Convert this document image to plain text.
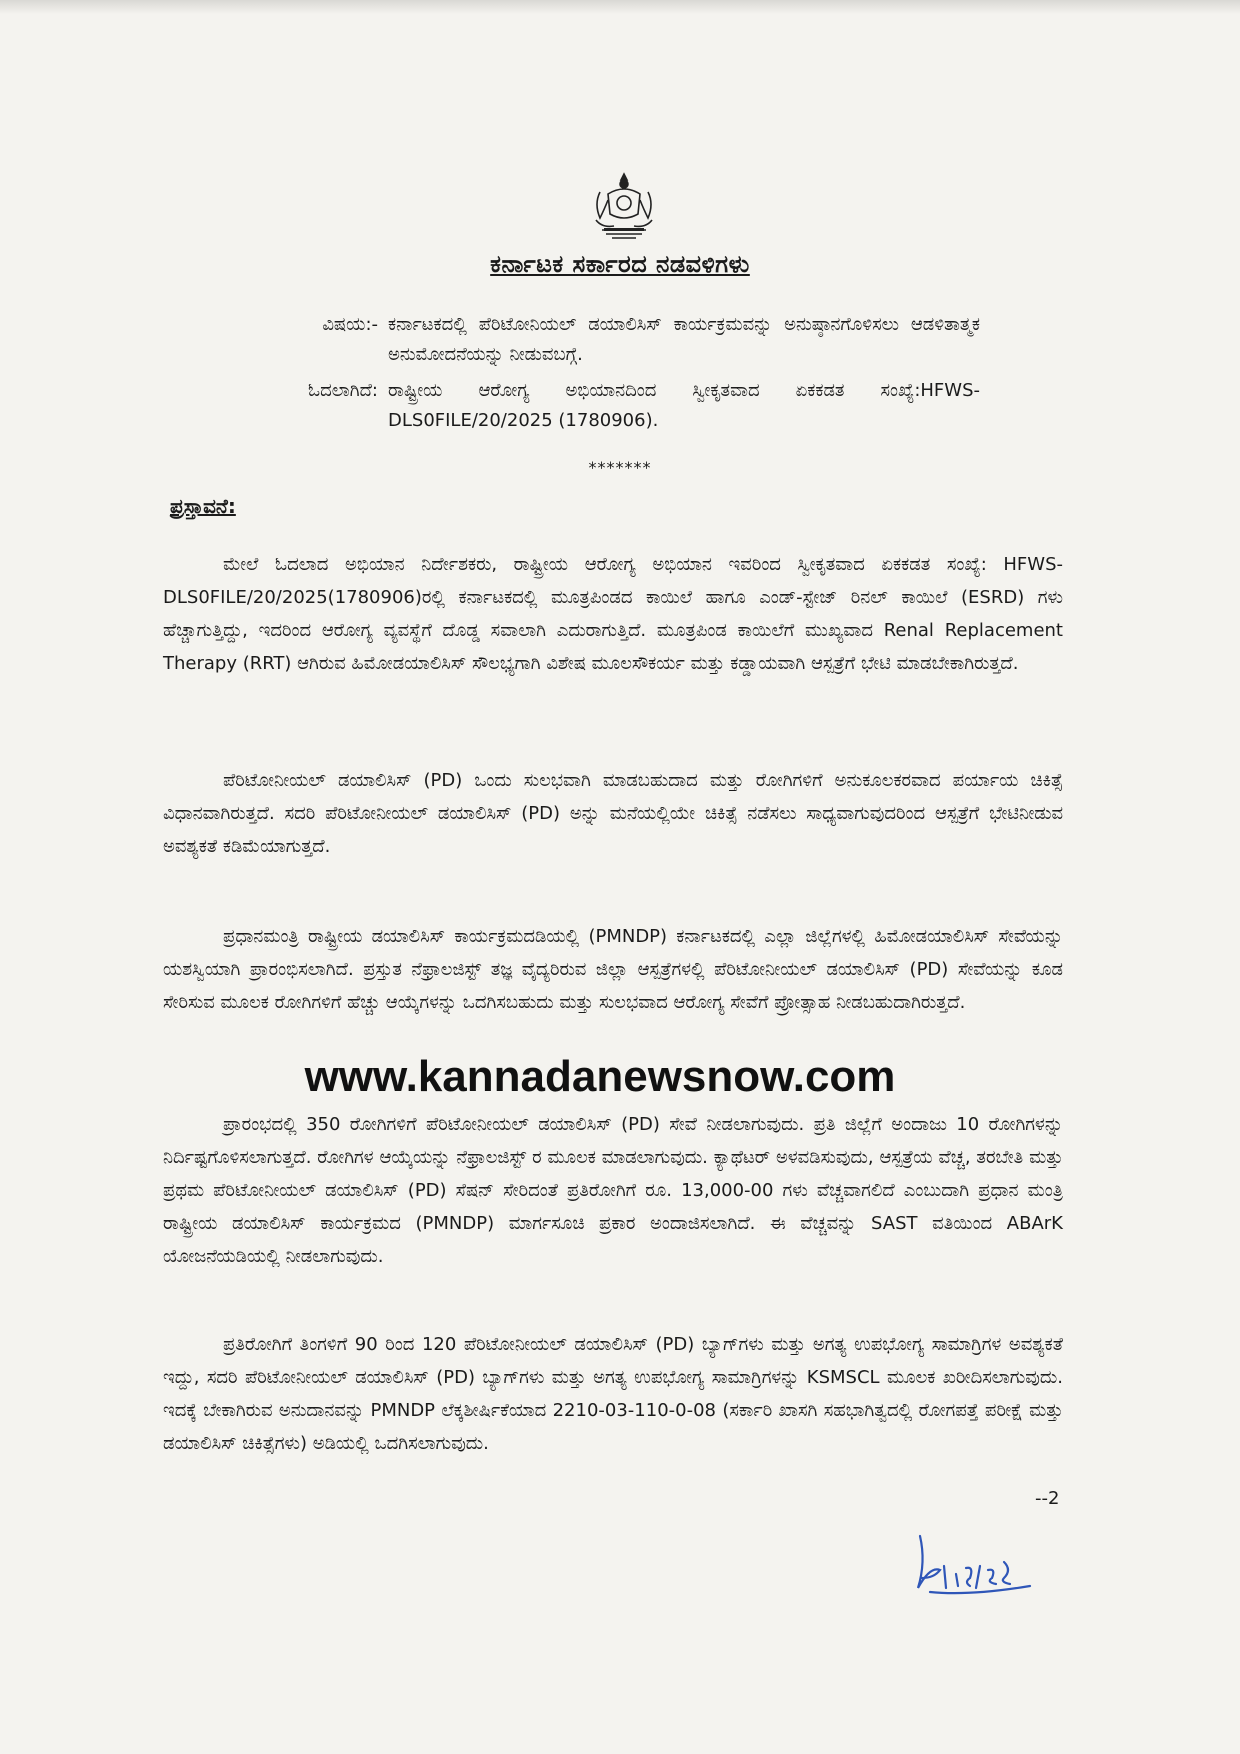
ಕರ್ನಾಟಕ ಸರ್ಕಾರದ ನಡವಳಿಗಳು
ವಿಷಯ:- ಕರ್ನಾಟಕದಲ್ಲಿ ಪೆರಿಟೋನಿಯಲ್ ಡಯಾಲಿಸಿಸ್ ಕಾರ್ಯಕ್ರಮವನ್ನು ಅನುಷ್ಠಾನಗೊಳಿಸಲು ಆಡಳಿತಾತ್ಮಕ ಅನುಮೋದನೆಯನ್ನು ನೀಡುವಬಗ್ಗೆ.
ಓದಲಾಗಿದೆ: ರಾಷ್ಟ್ರೀಯ ಆರೋಗ್ಯ ಅಭಿಯಾನದಿಂದ ಸ್ವೀಕೃತವಾದ ಏಕಕಡತ ಸಂಖ್ಯೆ:HFWS-DLS0FILE/20/2025 (1780906).
*******
ಪ್ರಸ್ತಾವನೆ:
ಮೇಲೆ ಓದಲಾದ ಅಭಿಯಾನ ನಿರ್ದೇಶಕರು, ರಾಷ್ಟ್ರೀಯ ಆರೋಗ್ಯ ಅಭಿಯಾನ ಇವರಿಂದ ಸ್ವೀಕೃತವಾದ ಏಕಕಡತ ಸಂಖ್ಯೆ: HFWS-DLS0FILE/20/2025(1780906)ರಲ್ಲಿ ಕರ್ನಾಟಕದಲ್ಲಿ ಮೂತ್ರಪಿಂಡದ ಕಾಯಿಲೆ ಹಾಗೂ ಎಂಡ್-ಸ್ಟೇಜ್ ರಿನಲ್ ಕಾಯಿಲೆ (ESRD) ಗಳು ಹೆಚ್ಚಾಗುತ್ತಿದ್ದು, ಇದರಿಂದ ಆರೋಗ್ಯ ವ್ಯವಸ್ಥೆಗೆ ದೊಡ್ಡ ಸವಾಲಾಗಿ ಎದುರಾಗುತ್ತಿದೆ. ಮೂತ್ರಪಿಂಡ ಕಾಯಿಲೆಗೆ ಮುಖ್ಯವಾದ Renal Replacement Therapy (RRT) ಆಗಿರುವ ಹಿಮೋಡಯಾಲಿಸಿಸ್ ಸೌಲಭ್ಯಗಾಗಿ ವಿಶೇಷ ಮೂಲಸೌಕರ್ಯ ಮತ್ತು ಕಡ್ಡಾಯವಾಗಿ ಆಸ್ಪತ್ರೆಗೆ ಭೇಟಿ ಮಾಡಬೇಕಾಗಿರುತ್ತದೆ.
ಪೆರಿಟೋನೀಯಲ್ ಡಯಾಲಿಸಿಸ್ (PD) ಒಂದು ಸುಲಭವಾಗಿ ಮಾಡಬಹುದಾದ ಮತ್ತು ರೋಗಿಗಳಿಗೆ ಅನುಕೂಲಕರವಾದ ಪರ್ಯಾಯ ಚಿಕಿತ್ಸೆ ವಿಧಾನವಾಗಿರುತ್ತದೆ. ಸದರಿ ಪೆರಿಟೋನೀಯಲ್ ಡಯಾಲಿಸಿಸ್ (PD) ಅನ್ನು ಮನೆಯಲ್ಲಿಯೇ ಚಿಕಿತ್ಸೆ ನಡೆಸಲು ಸಾಧ್ಯವಾಗುವುದರಿಂದ ಆಸ್ಪತ್ರೆಗೆ ಭೇಟಿನೀಡುವ ಅವಶ್ಯಕತೆ ಕಡಿಮೆಯಾಗುತ್ತದೆ.
ಪ್ರಧಾನಮಂತ್ರಿ ರಾಷ್ಟ್ರೀಯ ಡಯಾಲಿಸಿಸ್ ಕಾರ್ಯಕ್ರಮದಡಿಯಲ್ಲಿ (PMNDP) ಕರ್ನಾಟಕದಲ್ಲಿ ಎಲ್ಲಾ ಜಿಲ್ಲೆಗಳಲ್ಲಿ ಹಿಮೋಡಯಾಲಿಸಿಸ್ ಸೇವೆಯನ್ನು ಯಶಸ್ವಿಯಾಗಿ ಪ್ರಾರಂಭಿಸಲಾಗಿದೆ. ಪ್ರಸ್ತುತ ನೆಫ್ರಾಲಜಿಸ್ಟ್ ತಜ್ಞ ವೈದ್ಯರಿರುವ ಜಿಲ್ಲಾ ಆಸ್ಪತ್ರೆಗಳಲ್ಲಿ ಪೆರಿಟೋನೀಯಲ್ ಡಯಾಲಿಸಿಸ್ (PD) ಸೇವೆಯನ್ನು ಕೂಡ ಸೇರಿಸುವ ಮೂಲಕ ರೋಗಿಗಳಿಗೆ ಹೆಚ್ಚು ಆಯ್ಕೆಗಳನ್ನು ಒದಗಿಸಬಹುದು ಮತ್ತು ಸುಲಭವಾದ ಆರೋಗ್ಯ ಸೇವೆಗೆ ಪ್ರೋತ್ಸಾಹ ನೀಡಬಹುದಾಗಿರುತ್ತದೆ.
www.kannadanewsnow.com
ಪ್ರಾರಂಭದಲ್ಲಿ 350 ರೋಗಿಗಳಿಗೆ ಪೆರಿಟೋನೀಯಲ್ ಡಯಾಲಿಸಿಸ್ (PD) ಸೇವೆ ನೀಡಲಾಗುವುದು. ಪ್ರತಿ ಜಿಲ್ಲೆಗೆ ಅಂದಾಜು 10 ರೋಗಿಗಳನ್ನು ನಿರ್ದಿಷ್ಟಗೊಳಿಸಲಾಗುತ್ತದೆ. ರೋಗಿಗಳ ಆಯ್ಕೆಯನ್ನು ನೆಫ್ರಾಲಜಿಸ್ಟ್ ರ ಮೂಲಕ ಮಾಡಲಾಗುವುದು. ಕ್ಯಾಥೆಟರ್ ಅಳವಡಿಸುವುದು, ಆಸ್ಪತ್ರೆಯ ವೆಚ್ಚ, ತರಬೇತಿ ಮತ್ತು ಪ್ರಥಮ ಪೆರಿಟೋನೀಯಲ್ ಡಯಾಲಿಸಿಸ್ (PD) ಸೆಷನ್ ಸೇರಿದಂತೆ ಪ್ರತಿರೋಗಿಗೆ ರೂ. 13,000-00 ಗಳು ವೆಚ್ಚವಾಗಲಿದೆ ಎಂಬುದಾಗಿ ಪ್ರಧಾನ ಮಂತ್ರಿ ರಾಷ್ಟ್ರೀಯ ಡಯಾಲಿಸಿಸ್ ಕಾರ್ಯಕ್ರಮದ (PMNDP) ಮಾರ್ಗಸೂಚಿ ಪ್ರಕಾರ ಅಂದಾಜಿಸಲಾಗಿದೆ. ಈ ವೆಚ್ಚವನ್ನು SAST ವತಿಯಿಂದ ABArK ಯೋಜನೆಯಡಿಯಲ್ಲಿ ನೀಡಲಾಗುವುದು.
ಪ್ರತಿರೋಗಿಗೆ ತಿಂಗಳಿಗೆ 90 ರಿಂದ 120 ಪೆರಿಟೋನೀಯಲ್ ಡಯಾಲಿಸಿಸ್ (PD) ಬ್ಯಾಗ್‌ಗಳು ಮತ್ತು ಅಗತ್ಯ ಉಪಭೋಗ್ಯ ಸಾಮಾಗ್ರಿಗಳ ಅವಶ್ಯಕತೆ ಇದ್ದು, ಸದರಿ ಪೆರಿಟೋನೀಯಲ್ ಡಯಾಲಿಸಿಸ್ (PD) ಬ್ಯಾಗ್‌ಗಳು ಮತ್ತು ಅಗತ್ಯ ಉಪಭೋಗ್ಯ ಸಾಮಾಗ್ರಿಗಳನ್ನು KSMSCL ಮೂಲಕ ಖರೀದಿಸಲಾಗುವುದು. ಇದಕ್ಕೆ ಬೇಕಾಗಿರುವ ಅನುದಾನವನ್ನು PMNDP ಲೆಕ್ಕಶೀರ್ಷಿಕೆಯಾದ 2210-03-110-0-08 (ಸರ್ಕಾರಿ ಖಾಸಗಿ ಸಹಭಾಗಿತ್ವದಲ್ಲಿ ರೋಗಪತ್ತೆ ಪರೀಕ್ಷೆ ಮತ್ತು ಡಯಾಲಿಸಿಸ್ ಚಿಕಿತ್ಸೆಗಳು) ಅಡಿಯಲ್ಲಿ ಒದಗಿಸಲಾಗುವುದು.
--2
